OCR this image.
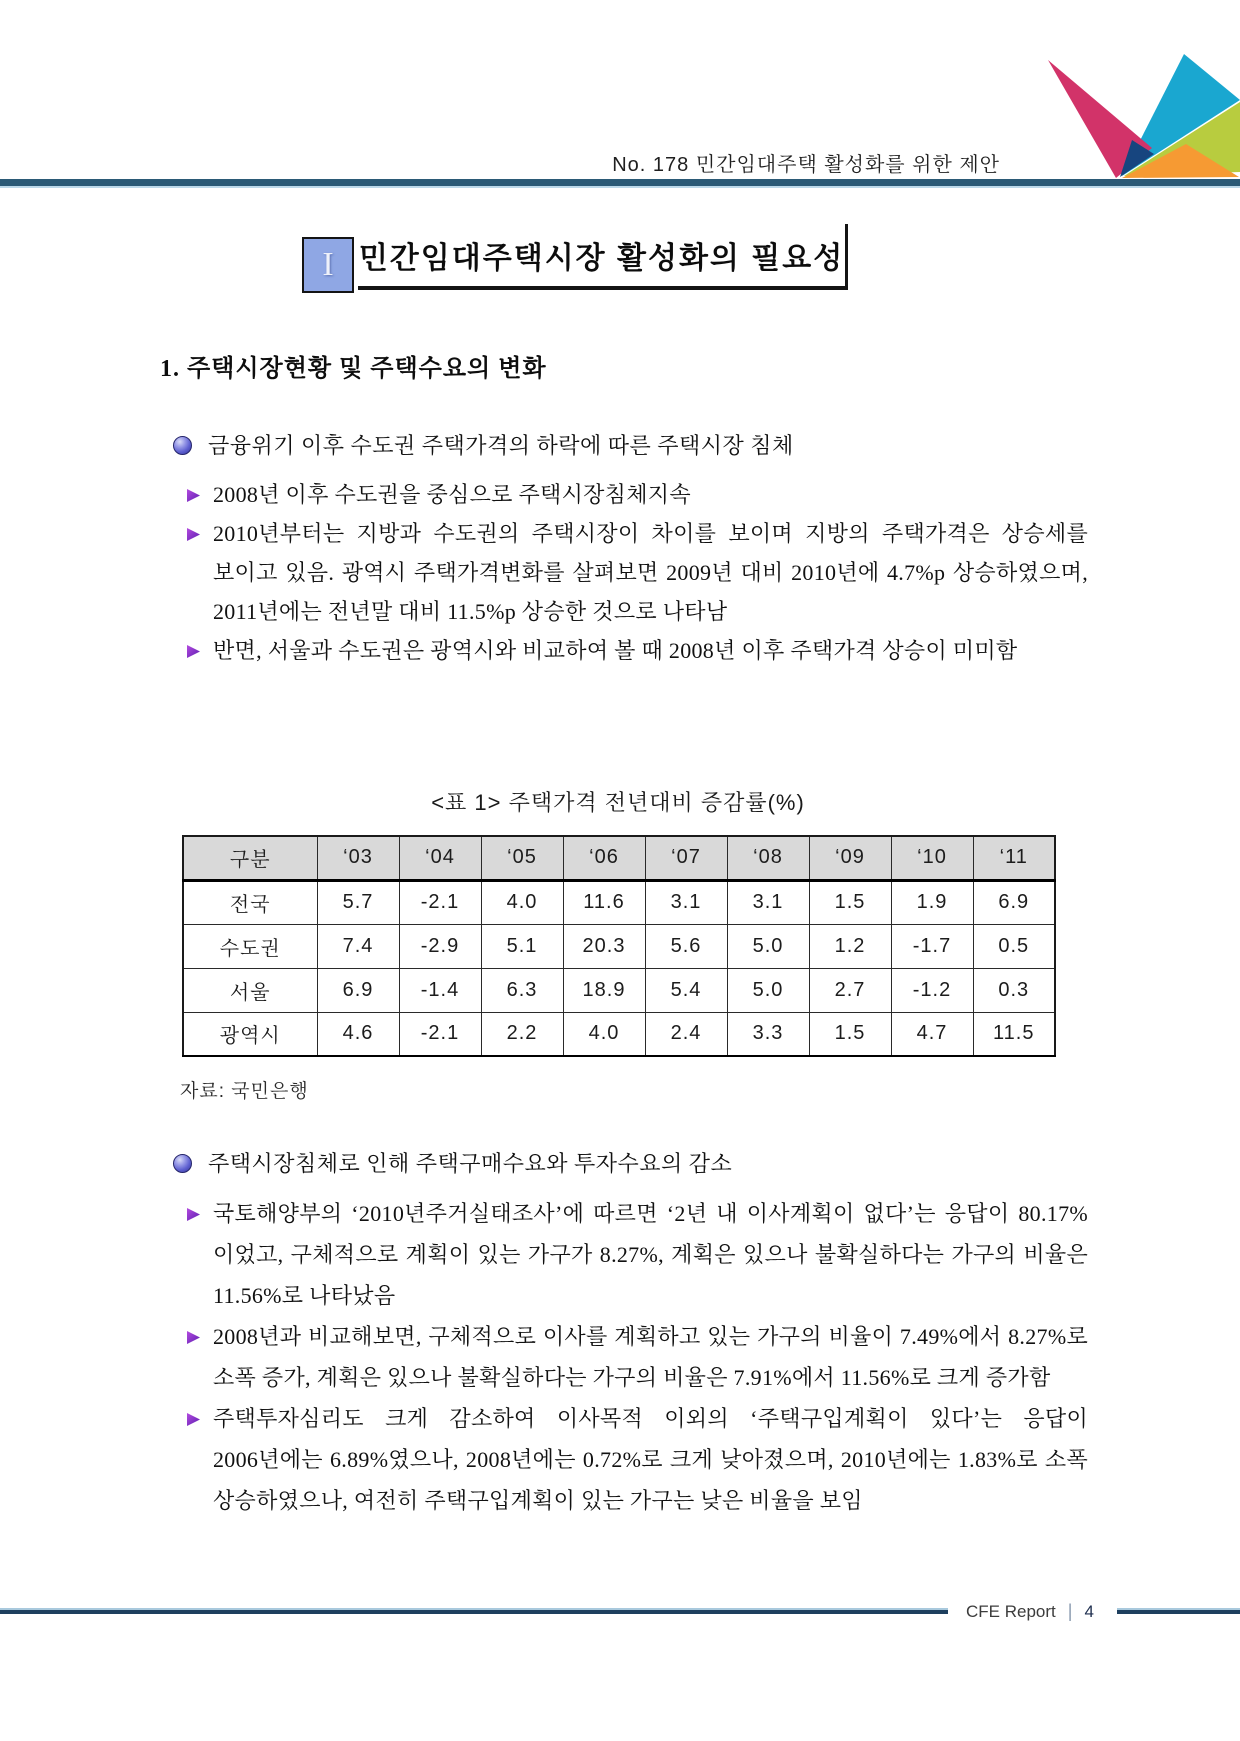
No. 178 민간임대주택 활성화를 위한 제안
I 민간임대주택시장 활성화의 필요성
1. 주택시장현황 및 주택수요의 변화
금융위기 이후 수도권 주택가격의 하락에 따른 주택시장 침체

2008년 이후 수도권을 중심으로 주택시장침체지속

2010년부터는 지방과 수도권의 주택시장이 차이를 보이며 지방의 주택가격은 상승세를 보이고 있음. 광역시 주택가격변화를 살펴보면 2009년 대비 2010년에 4.7%p 상승하였으며, 2011년에는 전년말 대비 11.5%p 상승한 것으로 나타남

반면, 서울과 수도권은 광역시와 비교하여 볼 때 2008년 이후 주택가격 상승이 미미함

<표 1> 주택가격 전년대비 증감률(%)
구분	‘03	‘04	‘05	‘06	‘07	‘08	‘09	‘10	‘11
전국	5.7	-2.1	4.0	11.6	3.1	3.1	1.5	1.9	6.9
수도권	7.4	-2.9	5.1	20.3	5.6	5.0	1.2	-1.7	0.5
서울	6.9	-1.4	6.3	18.9	5.4	5.0	2.7	-1.2	0.3
광역시	4.6	-2.1	2.2	4.0	2.4	3.3	1.5	4.7	11.5
자료: 국민은행
주택시장침체로 인해 주택구매수요와 투자수요의 감소

국토해양부의 ‘2010년주거실태조사’에 따르면 ‘2년 내 이사계획이 없다’는 응답이 80.17%이었고, 구체적으로 계획이 있는 가구가 8.27%, 계획은 있으나 불확실하다는 가구의 비율은 11.56%로 나타났음

2008년과 비교해보면, 구체적으로 이사를 계획하고 있는 가구의 비율이 7.49%에서 8.27%로 소폭 증가, 계획은 있으나 불확실하다는 가구의 비율은 7.91%에서 11.56%로 크게 증가함

주택투자심리도 크게 감소하여 이사목적 이외의 ‘주택구입계획이 있다’는 응답이 2006년에는 6.89%였으나, 2008년에는 0.72%로 크게 낮아졌으며, 2010년에는 1.83%로 소폭 상승하였으나, 여전히 주택구입계획이 있는 가구는 낮은 비율을 보임

CFE Report | 4
